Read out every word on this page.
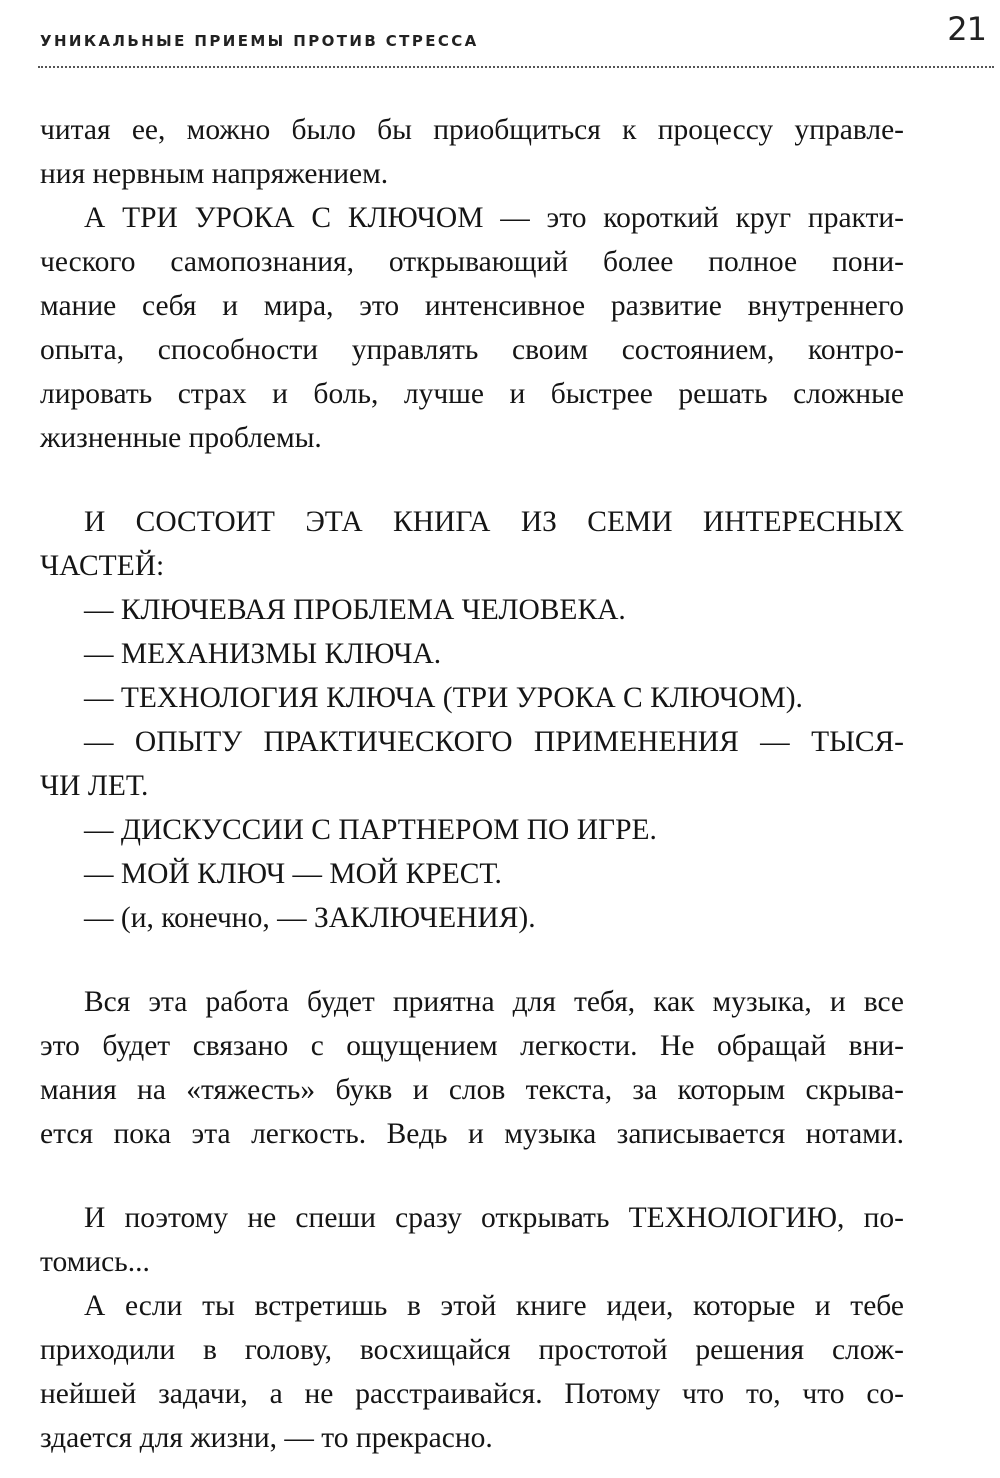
УНИКАЛЬНЫЕ ПРИЕМЫ ПРОТИВ СТРЕССА	21
читая ее, можно было бы приобщиться к процессу управле-
ния нервным напряжением.
А ТРИ УРОКА С КЛЮЧОМ — это короткий круг практи-
ческого самопознания, открывающий более полное пони-
мание себя и мира, это интенсивное развитие внутреннего
опыта, способности управлять своим состоянием, контро-
лировать страх и боль, лучше и быстрее решать сложные
жизненные проблемы.
И СОСТОИТ ЭТА КНИГА ИЗ СЕМИ ИНТЕРЕСНЫХ
ЧАСТЕЙ:
— КЛЮЧЕВАЯ ПРОБЛЕМА ЧЕЛОВЕКА.
— МЕХАНИЗМЫ КЛЮЧА.
— ТЕХНОЛОГИЯ КЛЮЧА (ТРИ УРОКА С КЛЮЧОМ).
— ОПЫТУ ПРАКТИЧЕСКОГО ПРИМЕНЕНИЯ — ТЫСЯ-
ЧИ ЛЕТ.
— ДИСКУССИИ С ПАРТНЕРОМ ПО ИГРЕ.
— МОЙ КЛЮЧ — МОЙ КРЕСТ.
— (и, конечно, — ЗАКЛЮЧЕНИЯ).
Вся эта работа будет приятна для тебя, как музыка, и все
это будет связано с ощущением легкости. Не обращай вни-
мания на «тяжесть» букв и слов текста, за которым скрыва-
ется пока эта легкость. Ведь и музыка записывается нотами.
И поэтому не спеши сразу открывать ТЕХНОЛОГИЮ, по-
томись...
А если ты встретишь в этой книге идеи, которые и тебе
приходили в голову, восхищайся простотой решения слож-
нейшей задачи, а не расстраивайся. Потому что то, что со-
здается для жизни, — то прекрасно.
